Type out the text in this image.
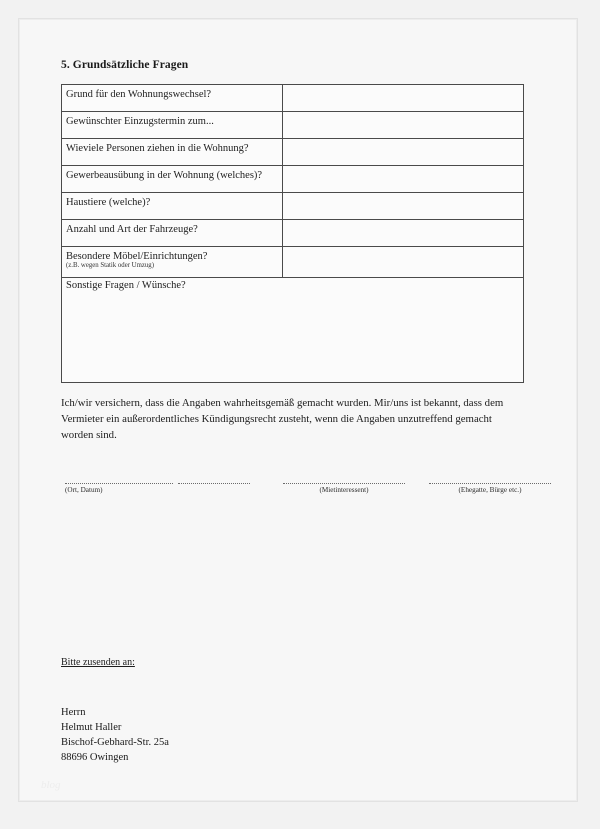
5. Grundsätzliche Fragen
Grund für den Wohnungswechsel?	

Gewünschter Einzugstermin zum...	

Wieviele Personen ziehen in die Wohnung?	

Gewerbeausübung in der Wohnung (welches)?	

Haustiere (welche)?	

Anzahl und Art der Fahrzeuge?	

Besondere Möbel/Einrichtungen?
(z.B. wegen Statik oder Umzug)	

Sonstige Fragen / Wünsche?	
Ich/wir versichern, dass die Angaben wahrheitsgemäß gemacht wurden. Mir/uns ist bekannt, dass dem Vermieter ein außerordentliches Kündigungsrecht zusteht, wenn die Angaben unzutreffend gemacht worden sind.
(Ort, Datum)	(Mietinteressent)	(Ehegatte, Bürge etc.)
Bitte zusenden an:
Herrn
Helmut Haller
Bischof-Gebhard-Str. 25a
88696 Owingen
blog
